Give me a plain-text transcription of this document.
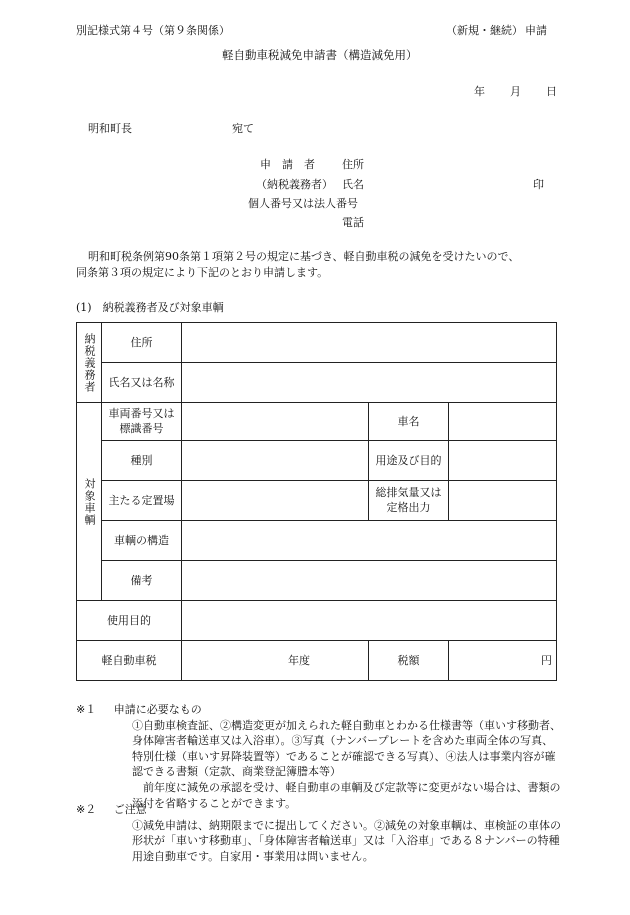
別記様式第４号（第９条関係）	（新規・継続） 申請
軽自動車税減免申請書（構造減免用）
年 月 日
明和町長	宛て
申　請　者 住所
（納税義務者） 氏名	印
個人番号又は法人番号
電話
明和町税条例第90条第１項第２号の規定に基づき、軽自動車税の減免を受けたいので、
同条第３項の規定により下記のとおり申請します。
(1)　納税義務者及び対象車輌
納税義務者	住所			
	氏名又は名称			

対象車輌	車両番号又は標識番号		車名	
	種別		用途及び目的	
	主たる定置場		総排気量又は定格出力	
	車輌の構造			
	備考			
使用目的				
軽自動車税		年度	税額	円
※１ 申請に必要なもの
①自動車検査証、②構造変更が加えられた軽自動車とわかる仕様書等（車いす移動者、身体障害者輸送車又は入浴車）。③写真（ナンバープレートを含めた車両全体の写真、特別仕様（車いす昇降装置等）であることが確認できる写真）、④法人は事業内容が確認できる書類（定款、商業登記簿謄本等）
前年度に減免の承認を受け、軽自動車の車輌及び定款等に変更がない場合は、書類の添付を省略することができます。
※２ ご注意
①減免申請は、納期限までに提出してください。②減免の対象車輌は、車検証の車体の形状が「車いす移動車」、「身体障害者輸送車」又は「入浴車」である８ナンバーの特種用途自動車です。自家用・事業用は問いません。
